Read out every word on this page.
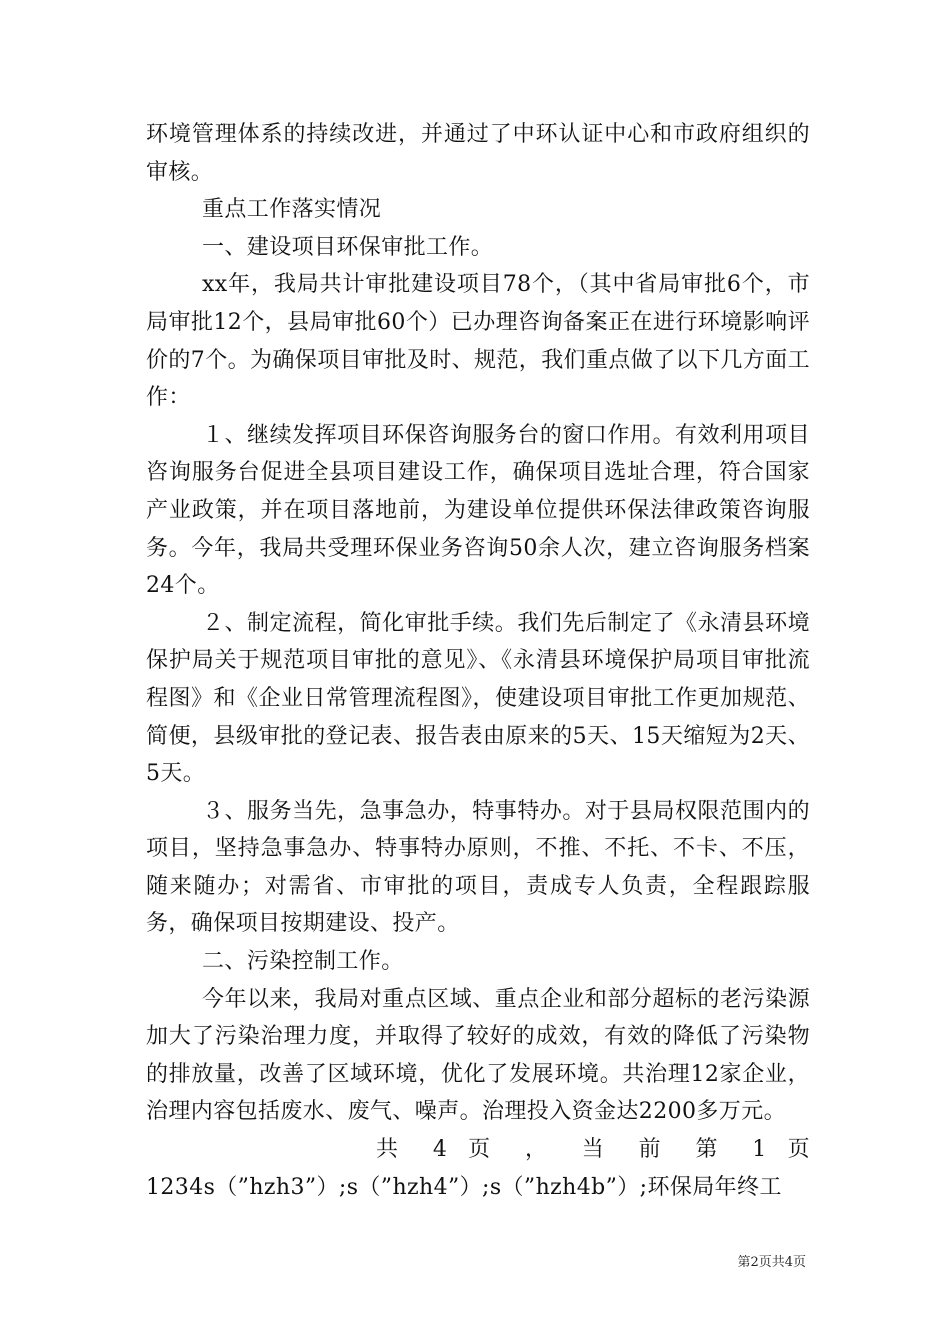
环境管理体系的持续改进，并通过了中环认证中心和市政府组织的审核。

重点工作落实情况

一、建设项目环保审批工作。

xx年，我局共计审批建设项目78个，（其中省局审批6个，市局审批12个，县局审批60个）已办理咨询备案正在进行环境影响评价的7个。为确保项目审批及时、规范，我们重点做了以下几方面工作：

１、继续发挥项目环保咨询服务台的窗口作用。有效利用项目咨询服务台促进全县项目建设工作，确保项目选址合理，符合国家产业政策，并在项目落地前，为建设单位提供环保法律政策咨询服务。今年，我局共受理环保业务咨询50余人次，建立咨询服务档案24个。

２、制定流程，简化审批手续。我们先后制定了《永清县环境保护局关于规范项目审批的意见》、《永清县环境保护局项目审批流程图》和《企业日常管理流程图》，使建设项目审批工作更加规范、简便，县级审批的登记表、报告表由原来的5天、15天缩短为2天、5天。

３、服务当先，急事急办，特事特办。对于县局权限范围内的项目，坚持急事急办、特事特办原则，不推、不托、不卡、不压，随来随办；对需省、市审批的项目，责成专人负责，全程跟踪服务，确保项目按期建设、投产。

二、污染控制工作。

今年以来，我局对重点区域、重点企业和部分超标的老污染源加大了污染治理力度，并取得了较好的成效，有效的降低了污染物的排放量，改善了区域环境，优化了发展环境。共治理12家企业，治理内容包括废水、废气、噪声。治理投入资金达2200多万元。

共 4 页 ， 当 前 第 1 页

1234s（”hzh3”）;s（”hzh4”）;s（”hzh4b”）;环保局年终工

第2页共4页
